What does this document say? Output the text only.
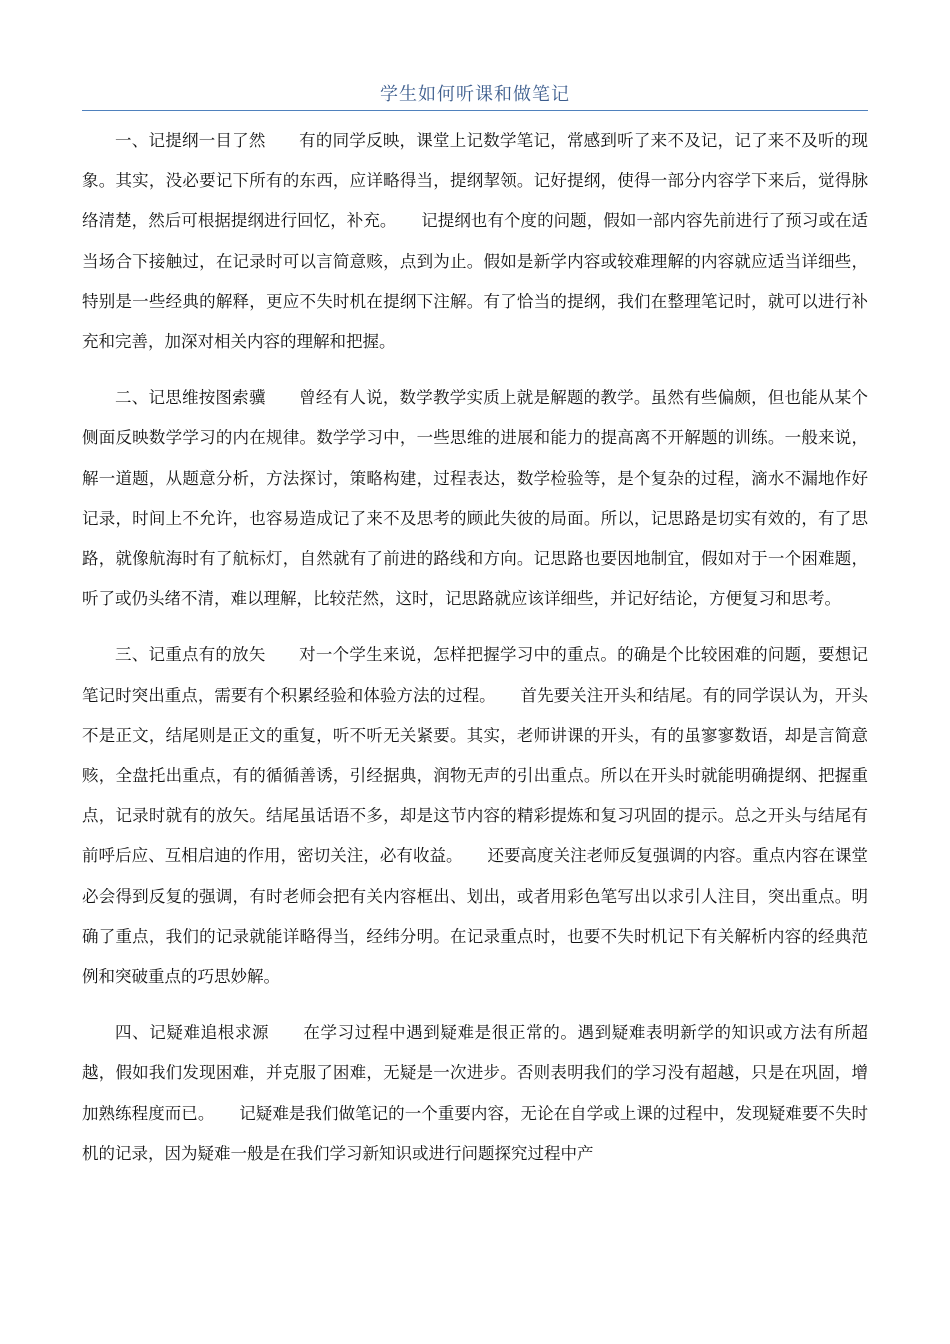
学生如何听课和做笔记

一、记提纲一目了然　　有的同学反映，课堂上记数学笔记，常感到听了来不及记，记了来不及听的现象。其实，没必要记下所有的东西，应详略得当，提纲挈领。记好提纲，使得一部分内容学下来后，觉得脉络清楚，然后可根据提纲进行回忆，补充。　　记提纲也有个度的问题，假如一部内容先前进行了预习或在适当场合下接触过，在记录时可以言简意赅，点到为止。假如是新学内容或较难理解的内容就应适当详细些，特别是一些经典的解释，更应不失时机在提纲下注解。有了恰当的提纲，我们在整理笔记时，就可以进行补充和完善，加深对相关内容的理解和把握。

二、记思维按图索骥　　曾经有人说，数学教学实质上就是解题的教学。虽然有些偏颇，但也能从某个侧面反映数学学习的内在规律。数学学习中，一些思维的进展和能力的提高离不开解题的训练。一般来说，解一道题，从题意分析，方法探讨，策略构建，过程表达，数学检验等，是个复杂的过程，滴水不漏地作好记录，时间上不允许，也容易造成记了来不及思考的顾此失彼的局面。所以，记思路是切实有效的，有了思路，就像航海时有了航标灯，自然就有了前进的路线和方向。记思路也要因地制宜，假如对于一个困难题，听了或仍头绪不清，难以理解，比较茫然，这时，记思路就应该详细些，并记好结论，方便复习和思考。

三、记重点有的放矢　　对一个学生来说，怎样把握学习中的重点。的确是个比较困难的问题，要想记笔记时突出重点，需要有个积累经验和体验方法的过程。　　首先要关注开头和结尾。有的同学误认为，开头不是正文，结尾则是正文的重复，听不听无关紧要。其实，老师讲课的开头，有的虽寥寥数语，却是言简意赅，全盘托出重点，有的循循善诱，引经据典，润物无声的引出重点。所以在开头时就能明确提纲、把握重点，记录时就有的放矢。结尾虽话语不多，却是这节内容的精彩提炼和复习巩固的提示。总之开头与结尾有前呼后应、互相启迪的作用，密切关注，必有收益。　　还要高度关注老师反复强调的内容。重点内容在课堂必会得到反复的强调，有时老师会把有关内容框出、划出，或者用彩色笔写出以求引人注目，突出重点。明确了重点，我们的记录就能详略得当，经纬分明。在记录重点时，也要不失时机记下有关解析内容的经典范例和突破重点的巧思妙解。

四、记疑难追根求源　　在学习过程中遇到疑难是很正常的。遇到疑难表明新学的知识或方法有所超越，假如我们发现困难，并克服了困难，无疑是一次进步。否则表明我们的学习没有超越，只是在巩固，增加熟练程度而已。　　记疑难是我们做笔记的一个重要内容，无论在自学或上课的过程中，发现疑难要不失时机的记录，因为疑难一般是在我们学习新知识或进行问题探究过程中产
